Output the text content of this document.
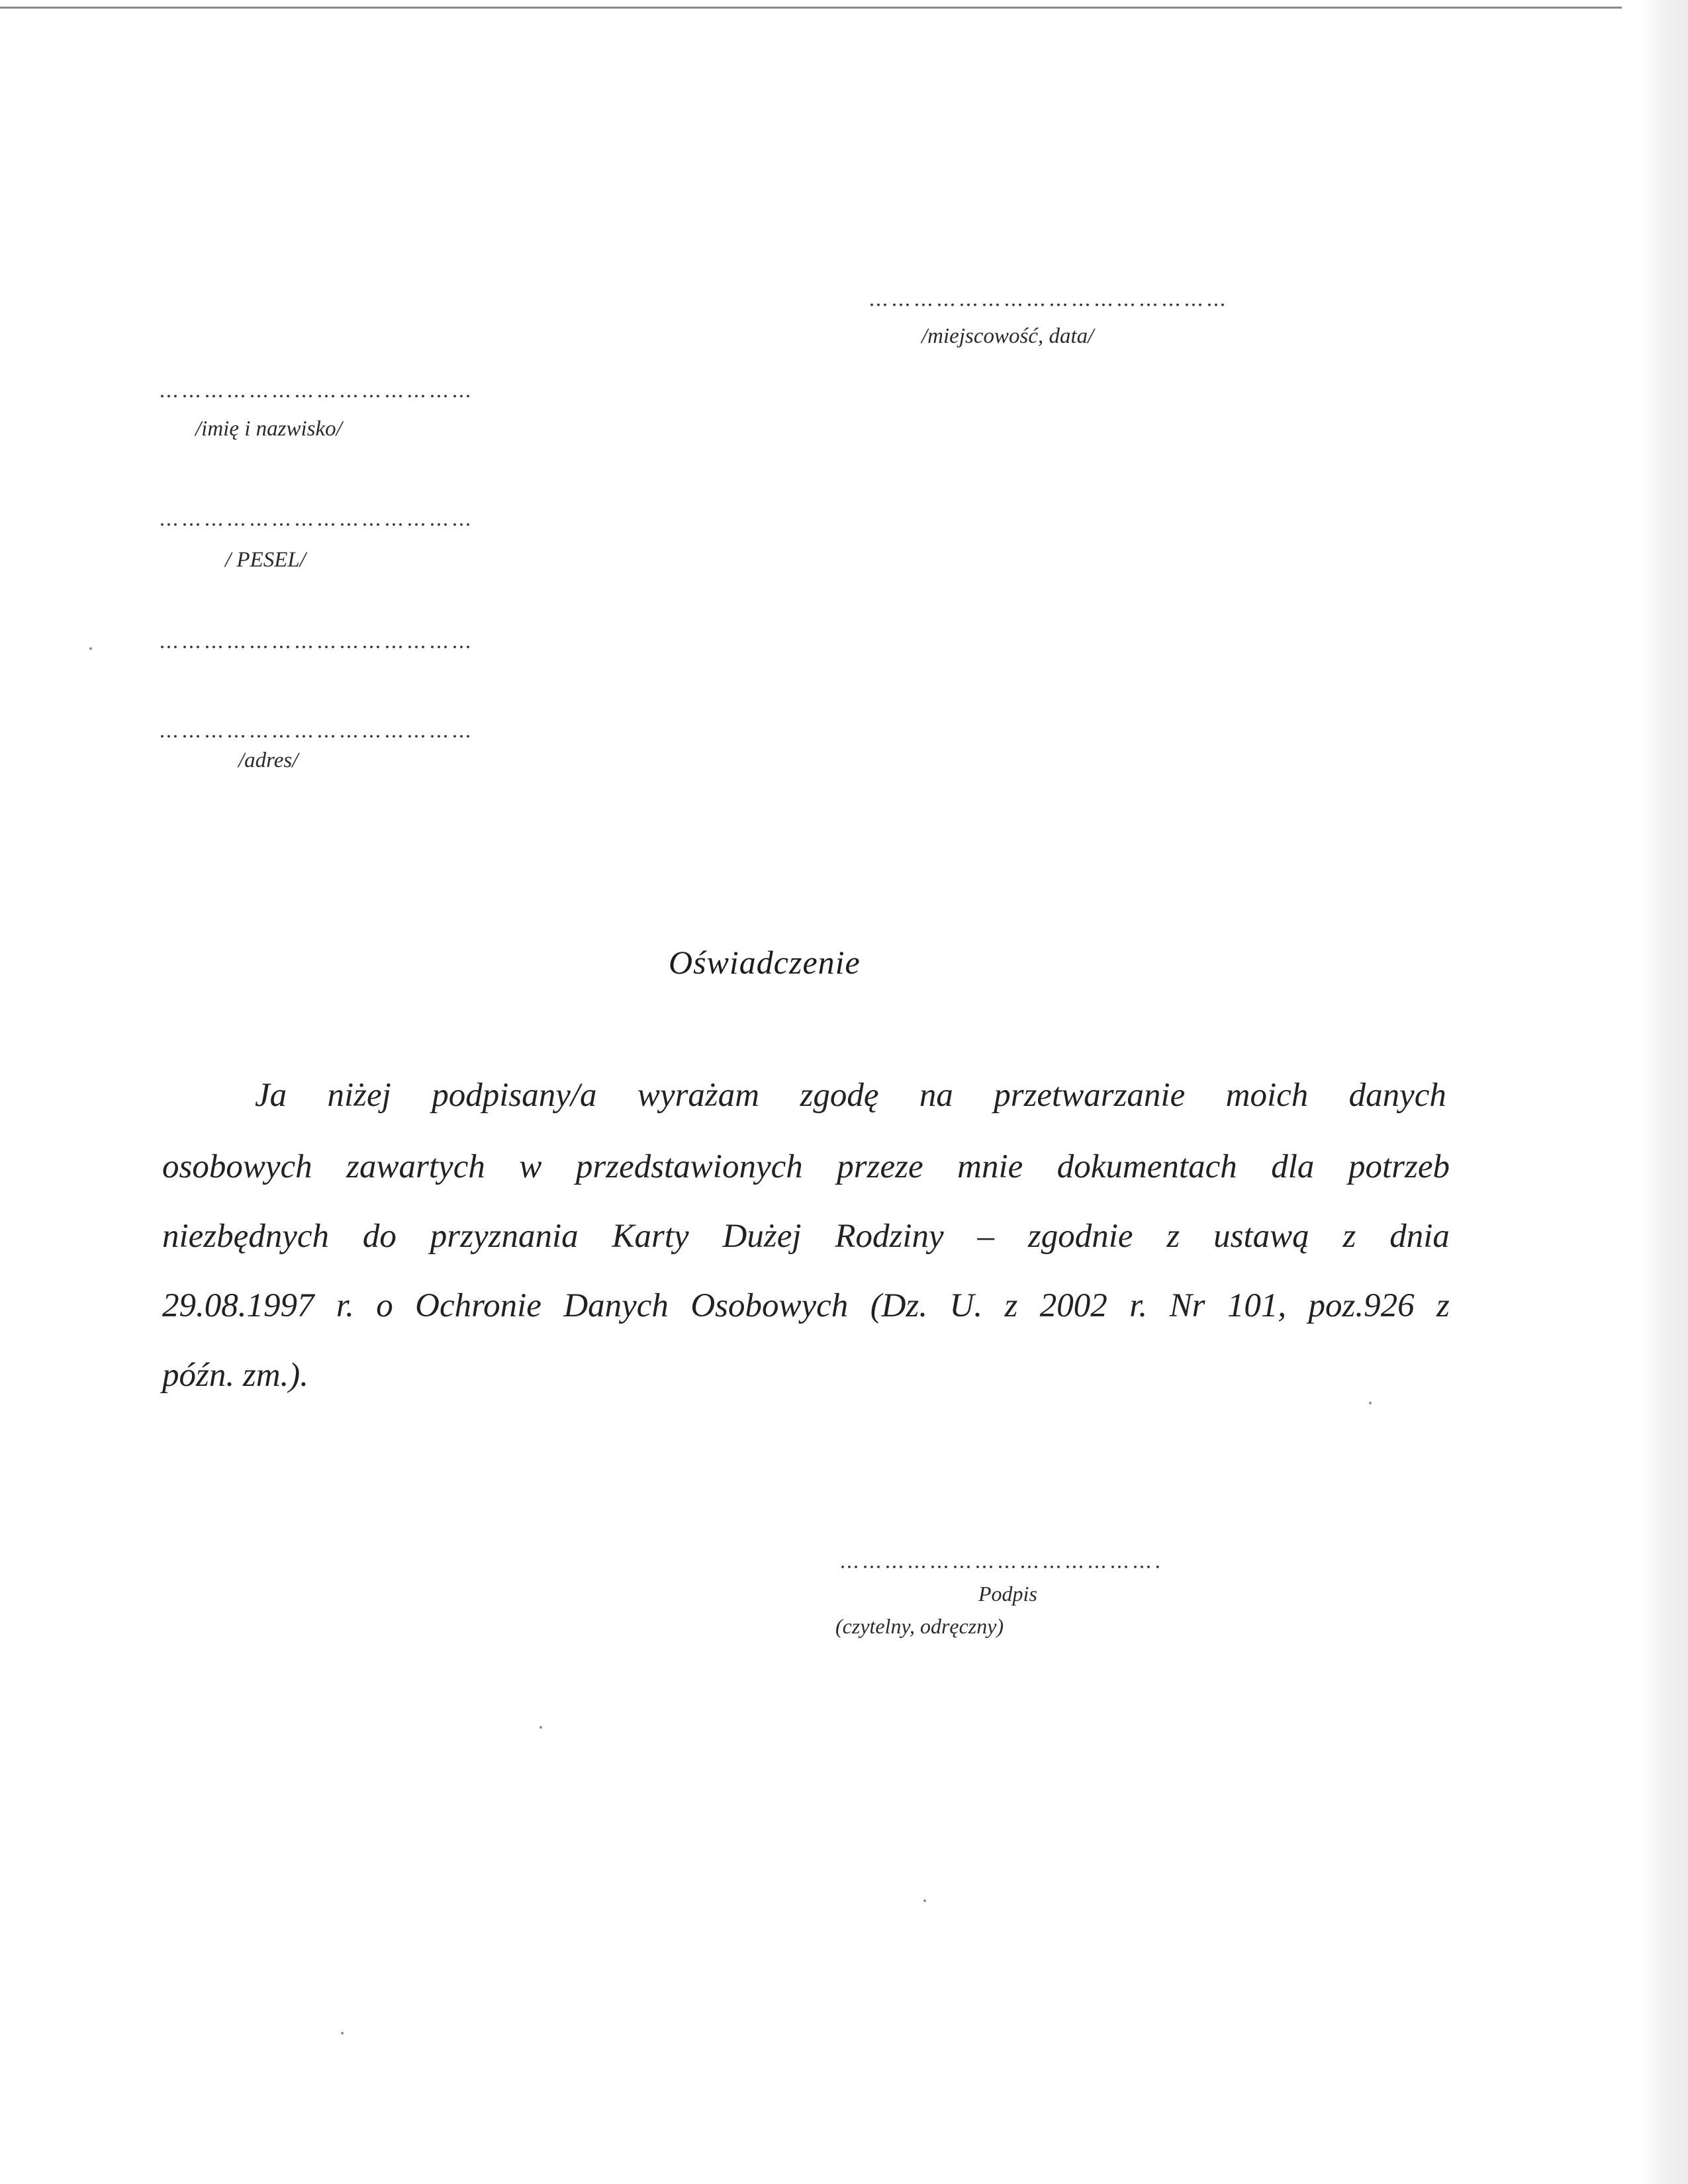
…………………………………………
/miejscowość, data/
……………………………………
/imię i nazwisko/
……………………………………
/ PESEL/
……………………………………
……………………………………
/adres/
Oświadczenie
Ja niżej podpisany/a wyrażam zgodę na przetwarzanie moich danych
osobowych zawartych w przedstawionych przeze mnie dokumentach dla potrzeb
niezbędnych do przyznania Karty Dużej Rodziny – zgodnie z ustawą z dnia
29.08.1997 r. o Ochronie Danych Osobowych (Dz. U. z 2002 r. Nr 101, poz.926 z
późn. zm.).
…………………………………….
Podpis
(czytelny, odręczny)
